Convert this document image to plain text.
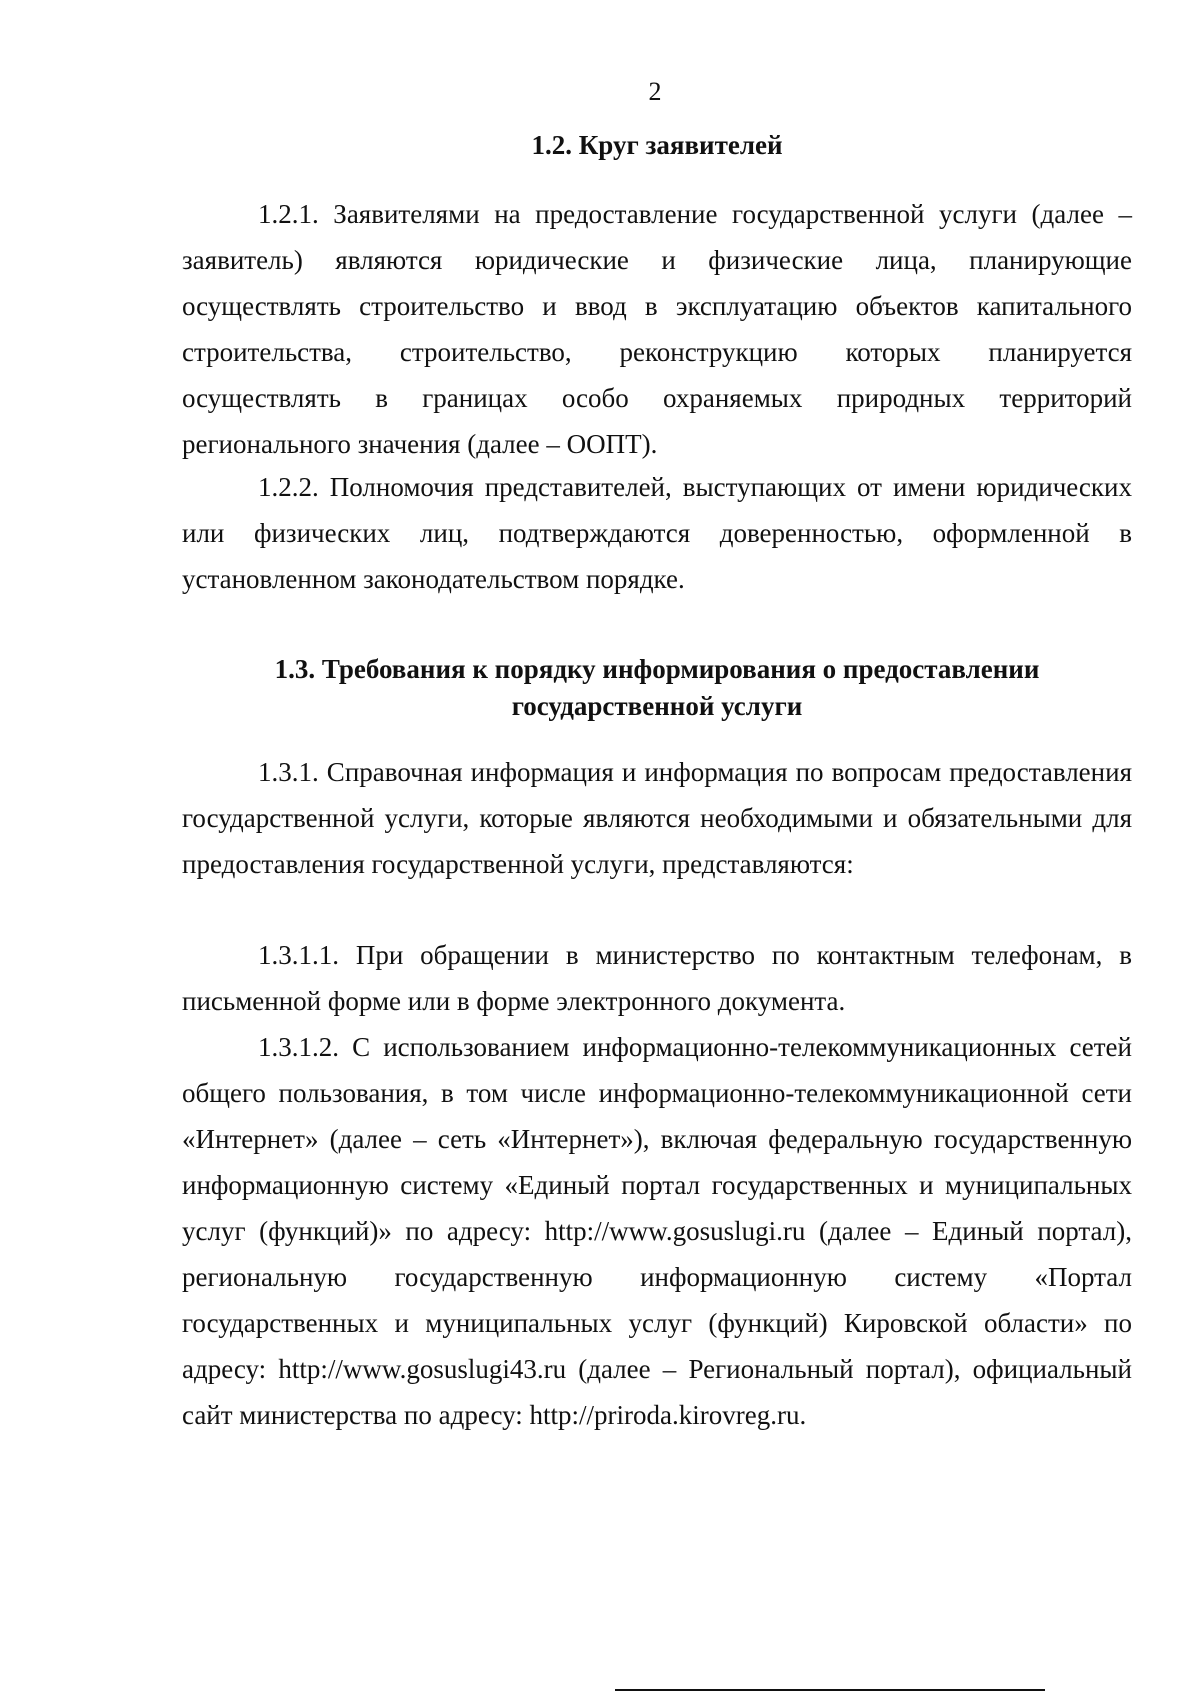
2
1.2. Круг заявителей

1.2.1. Заявителями на предоставление государственной услуги (далее – заявитель) являются юридические и физические лица, планирующие осуществлять строительство и ввод в эксплуатацию объектов капитального строительства, строительство, реконструкцию которых планируется осуществлять в границах особо охраняемых природных территорий регионального значения (далее – ООПТ).

1.2.2. Полномочия представителей, выступающих от имени юридических или физических лиц, подтверждаются доверенностью, оформленной в установленном законодательством порядке.

1.3. Требования к порядку информирования о предоставлении
государственной услуги

1.3.1. Справочная информация и информация по вопросам предоставления государственной услуги, которые являются необходимыми и обязательными для предоставления государственной услуги, представляются:

1.3.1.1. При обращении в министерство по контактным телефонам, в письменной форме или в форме электронного документа.

1.3.1.2. С использованием информационно-телекоммуникационных сетей общего пользования, в том числе информационно-телекоммуникационной сети «Интернет» (далее – сеть «Интернет»), включая федеральную государственную информационную систему «Единый портал государственных и муниципальных услуг (функций)» по адресу: http://www.gosuslugi.ru (далее – Единый портал), региональную государственную информационную систему «Портал государственных и муниципальных услуг (функций) Кировской области» по адресу: http://www.gosuslugi43.ru (далее – Региональный портал), официальный сайт министерства по адресу: http://priroda.kirovreg.ru.
